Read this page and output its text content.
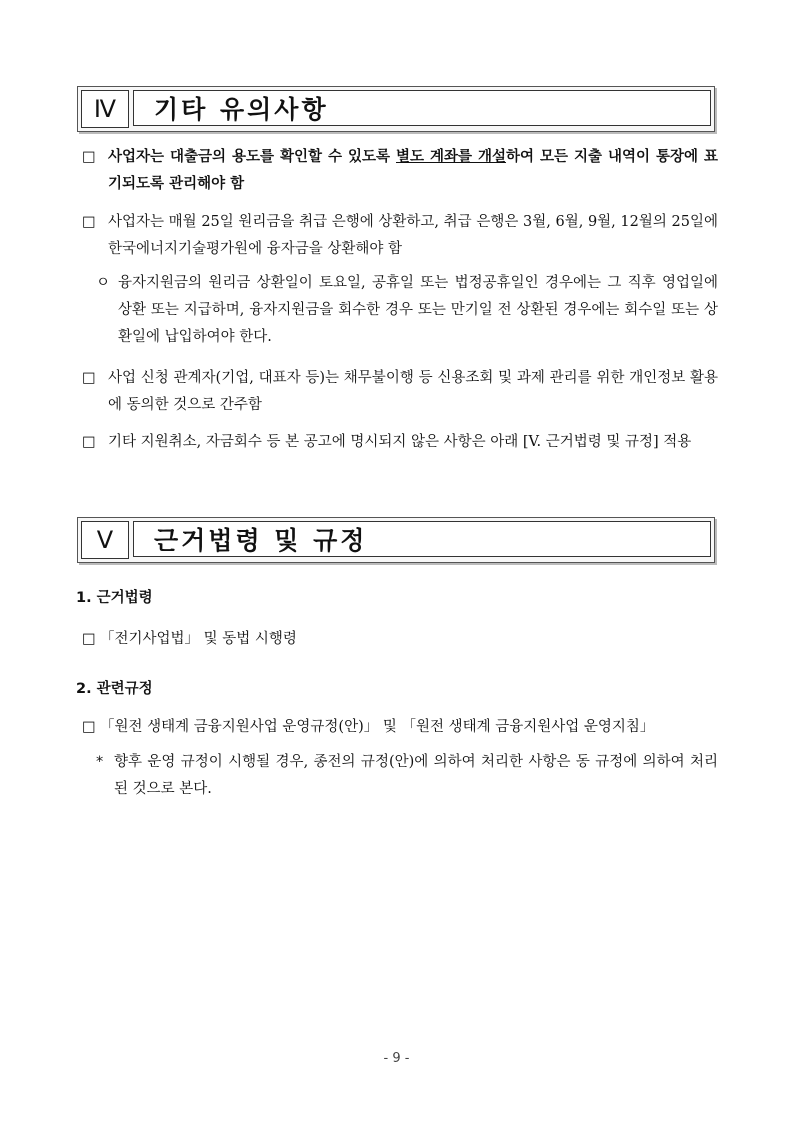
Ⅳ	기타 유의사항
□ 사업자는 대출금의 용도를 확인할 수 있도록 별도 계좌를 개설하여 모든 지출 내역이 통장에 표기되도록 관리해야 함
□ 사업자는 매월 25일 원리금을 취급 은행에 상환하고, 취급 은행은 3월, 6월, 9월, 12월의 25일에 한국에너지기술평가원에 융자금을 상환해야 함
ㅇ 융자지원금의 원리금 상환일이 토요일, 공휴일 또는 법정공휴일인 경우에는 그 직후 영업일에 상환 또는 지급하며, 융자지원금을 회수한 경우 또는 만기일 전 상환된 경우에는 회수일 또는 상환일에 납입하여야 한다.
□ 사업 신청 관계자(기업, 대표자 등)는 채무불이행 등 신용조회 및 과제 관리를 위한 개인정보 활용에 동의한 것으로 간주함
□ 기타 지원취소, 자금회수 등 본 공고에 명시되지 않은 사항은 아래 [V. 근거법령 및 규정] 적용
Ⅴ	근거법령 및 규정
1. 근거법령
□ 「전기사업법」 및 동법 시행령
2. 관련규정
□ 「원전 생태계 금융지원사업 운영규정(안)」 및 「원전 생태계 금융지원사업 운영지침」
* 향후 운영 규정이 시행될 경우, 종전의 규정(안)에 의하여 처리한 사항은 동 규정에 의하여 처리된 것으로 본다.
- 9 -
